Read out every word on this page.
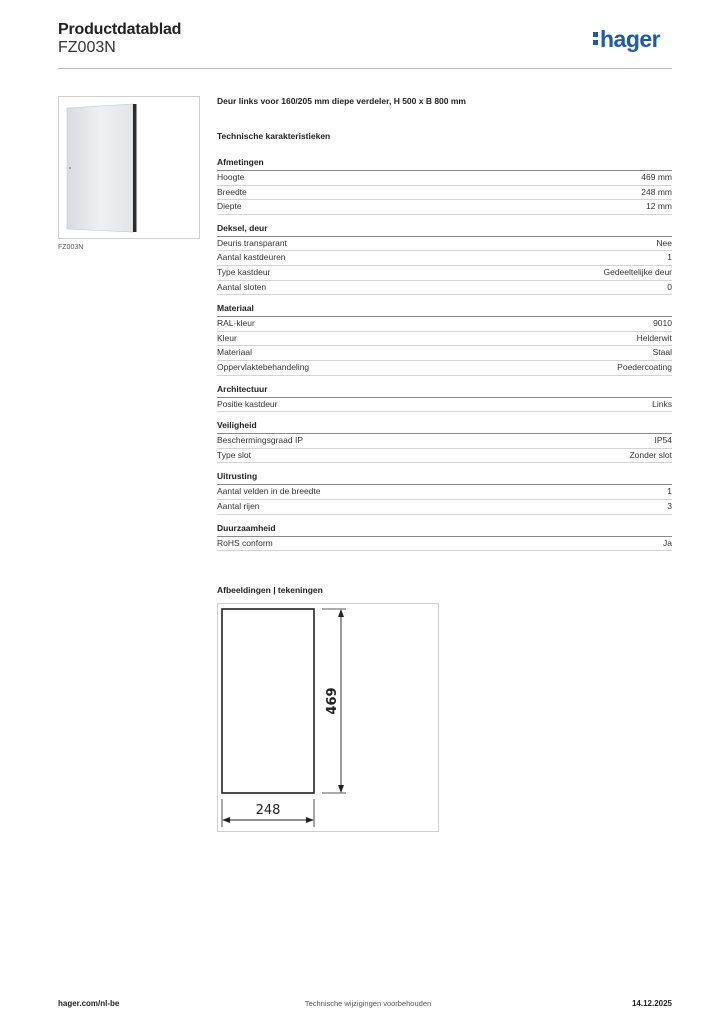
Productdatablad
FZ003N	hager
FZ003N
Deur links voor 160/205 mm diepe verdeler, H 500 x B 800 mm
Technische karakteristieken
Afmetingen
Hoogte	469 mm
Breedte	248 mm
Diepte	12 mm
Deksel, deur
Deuris transparant	Nee
Aantal kastdeuren	1
Type kastdeur	Gedeeltelijke deur
Aantal sloten	0
Materiaal
RAL-kleur	9010
Kleur	Helderwit
Materiaal	Staal
Oppervlaktebehandeling	Poedercoating
Architectuur
Positie kastdeur	Links
Veiligheid
Beschermingsgraad IP	IP54
Type slot	Zonder slot
Uitrusting
Aantal velden in de breedte	1
Aantal rijen	3
Duurzaamheid
RoHS conform	Ja
Afbeeldingen | tekeningen
469
248
hager.com/nl-be	Technische wijzigingen voorbehouden	14.12.2025
